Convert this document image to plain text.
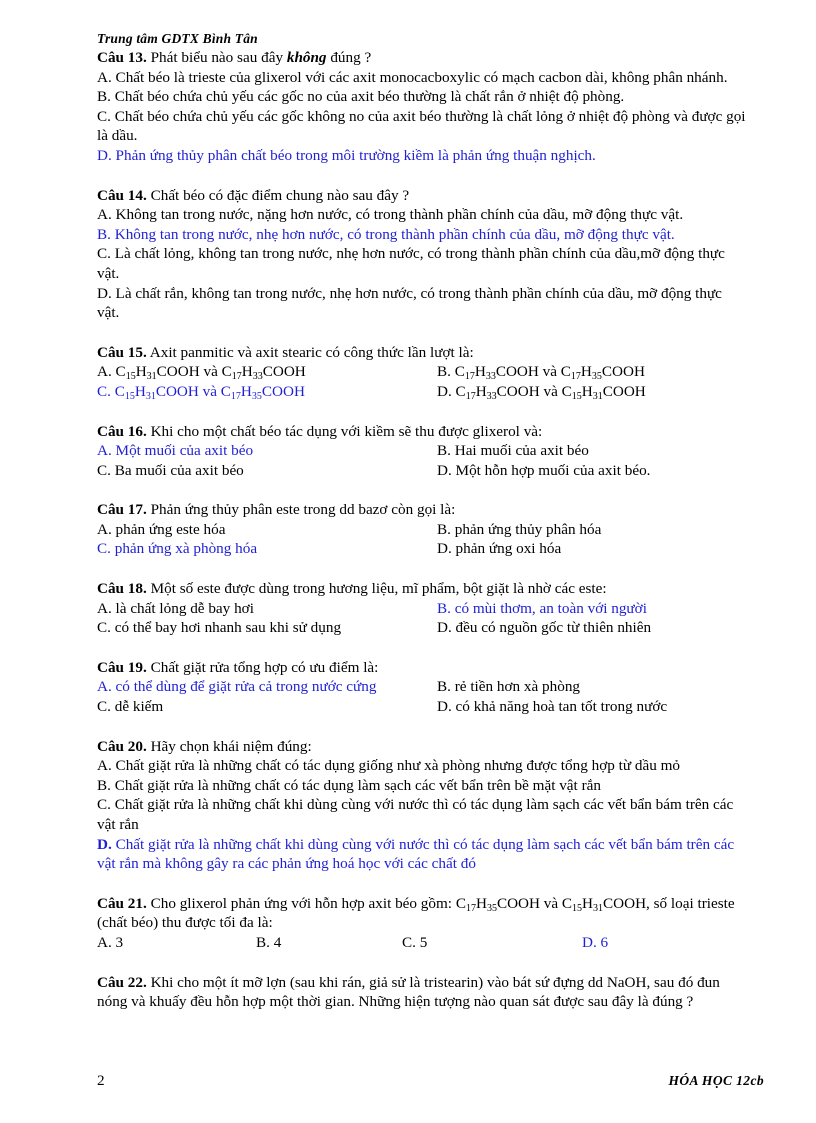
Trung tâm GDTX Bình Tân
Câu 13. Phát biểu nào sau đây không đúng ?
A. Chất béo là trieste của glixerol với các axit monocacboxylic có mạch cacbon dài, không phân nhánh.
B. Chất béo chứa chủ yếu các gốc no của axit béo thường là chất rắn ở nhiệt độ phòng.
C. Chất béo chứa chủ yếu các gốc không no của axit béo thường là chất lỏng ở nhiệt độ phòng và được gọi là dầu.
D. Phản ứng thủy phân chất béo trong môi trường kiềm là phản ứng thuận nghịch.
Câu 14. Chất béo có đặc điểm chung nào sau đây ?
A. Không tan trong nước, nặng hơn nước, có trong thành phần chính của dầu, mỡ động thực vật.
B. Không tan trong nước, nhẹ hơn nước, có trong thành phần chính của dầu, mỡ động thực vật.
C. Là chất lỏng, không tan trong nước, nhẹ hơn nước, có trong thành phần chính của dầu,mỡ động thực vật.
D. Là chất rắn, không tan trong nước, nhẹ hơn nước, có trong thành phần chính của dầu, mỡ động thực vật.
Câu 15. Axit panmitic và axit stearic có công thức lần lượt là:
A. $C_{15}H_{31}COOH$ và $C_{17}H_{33}COOH$	B. $C_{17}H_{33}COOH$ và $C_{17}H_{35}COOH$
C. $C_{15}H_{31}COOH$ và $C_{17}H_{35}COOH$	D. $C_{17}H_{33}COOH$ và $C_{15}H_{31}COOH$
Câu 16. Khi cho một chất béo tác dụng với kiềm sẽ thu được glixerol và:
A. Một muối của axit béo	B. Hai muối của axit béo
C. Ba muối của axit béo	D. Một hỗn hợp muối của axit béo.
Câu 17. Phản ứng thủy phân este trong dd bazơ còn gọi là:
A. phản ứng este hóa	B. phản ứng thủy phân hóa
C. phản ứng xà phòng hóa	D. phản ứng oxi hóa
Câu 18. Một số este được dùng trong hương liệu, mĩ phẩm, bột giặt là nhờ các este:
A. là chất lỏng dễ bay hơi	B. có mùi thơm, an toàn với người
C. có thể bay hơi nhanh sau khi sử dụng	D. đều có nguồn gốc từ thiên nhiên
Câu 19. Chất giặt rửa tổng hợp có ưu điểm là:
A. có thể dùng để giặt rửa cả trong nước cứng	B. rẻ tiền hơn xà phòng
C. dễ kiếm	D. có khả năng hoà tan tốt trong nước
Câu 20. Hãy chọn khái niệm đúng:
A. Chất giặt rửa là những chất có tác dụng giống như xà phòng nhưng được tổng hợp từ dầu mỏ
B. Chất giặt rửa là những chất có tác dụng làm sạch các vết bẩn trên bề mặt vật rắn
C. Chất giặt rửa là những chất khi dùng cùng với nước thì có tác dụng làm sạch các vết bẩn bám trên các vật rắn
D. Chất giặt rửa là những chất khi dùng cùng với nước thì có tác dụng làm sạch các vết bẩn bám trên các vật rắn mà không gây ra các phản ứng hoá học với các chất đó
Câu 21. Cho glixerol phản ứng với hỗn hợp axit béo gồm: $C_{17}H_{35}COOH$ và $C_{15}H_{31}COOH$, số loại trieste (chất béo) thu được tối đa là:
A. 3	B. 4	C. 5	D. 6
Câu 22. Khi cho một ít mỡ lợn (sau khi rán, giả sử là tristearin) vào bát sứ đựng dd NaOH, sau đó đun nóng và khuấy đều hỗn hợp một thời gian. Những hiện tượng nào quan sát được sau đây là đúng ?
2	HÓA HỌC 12cb
